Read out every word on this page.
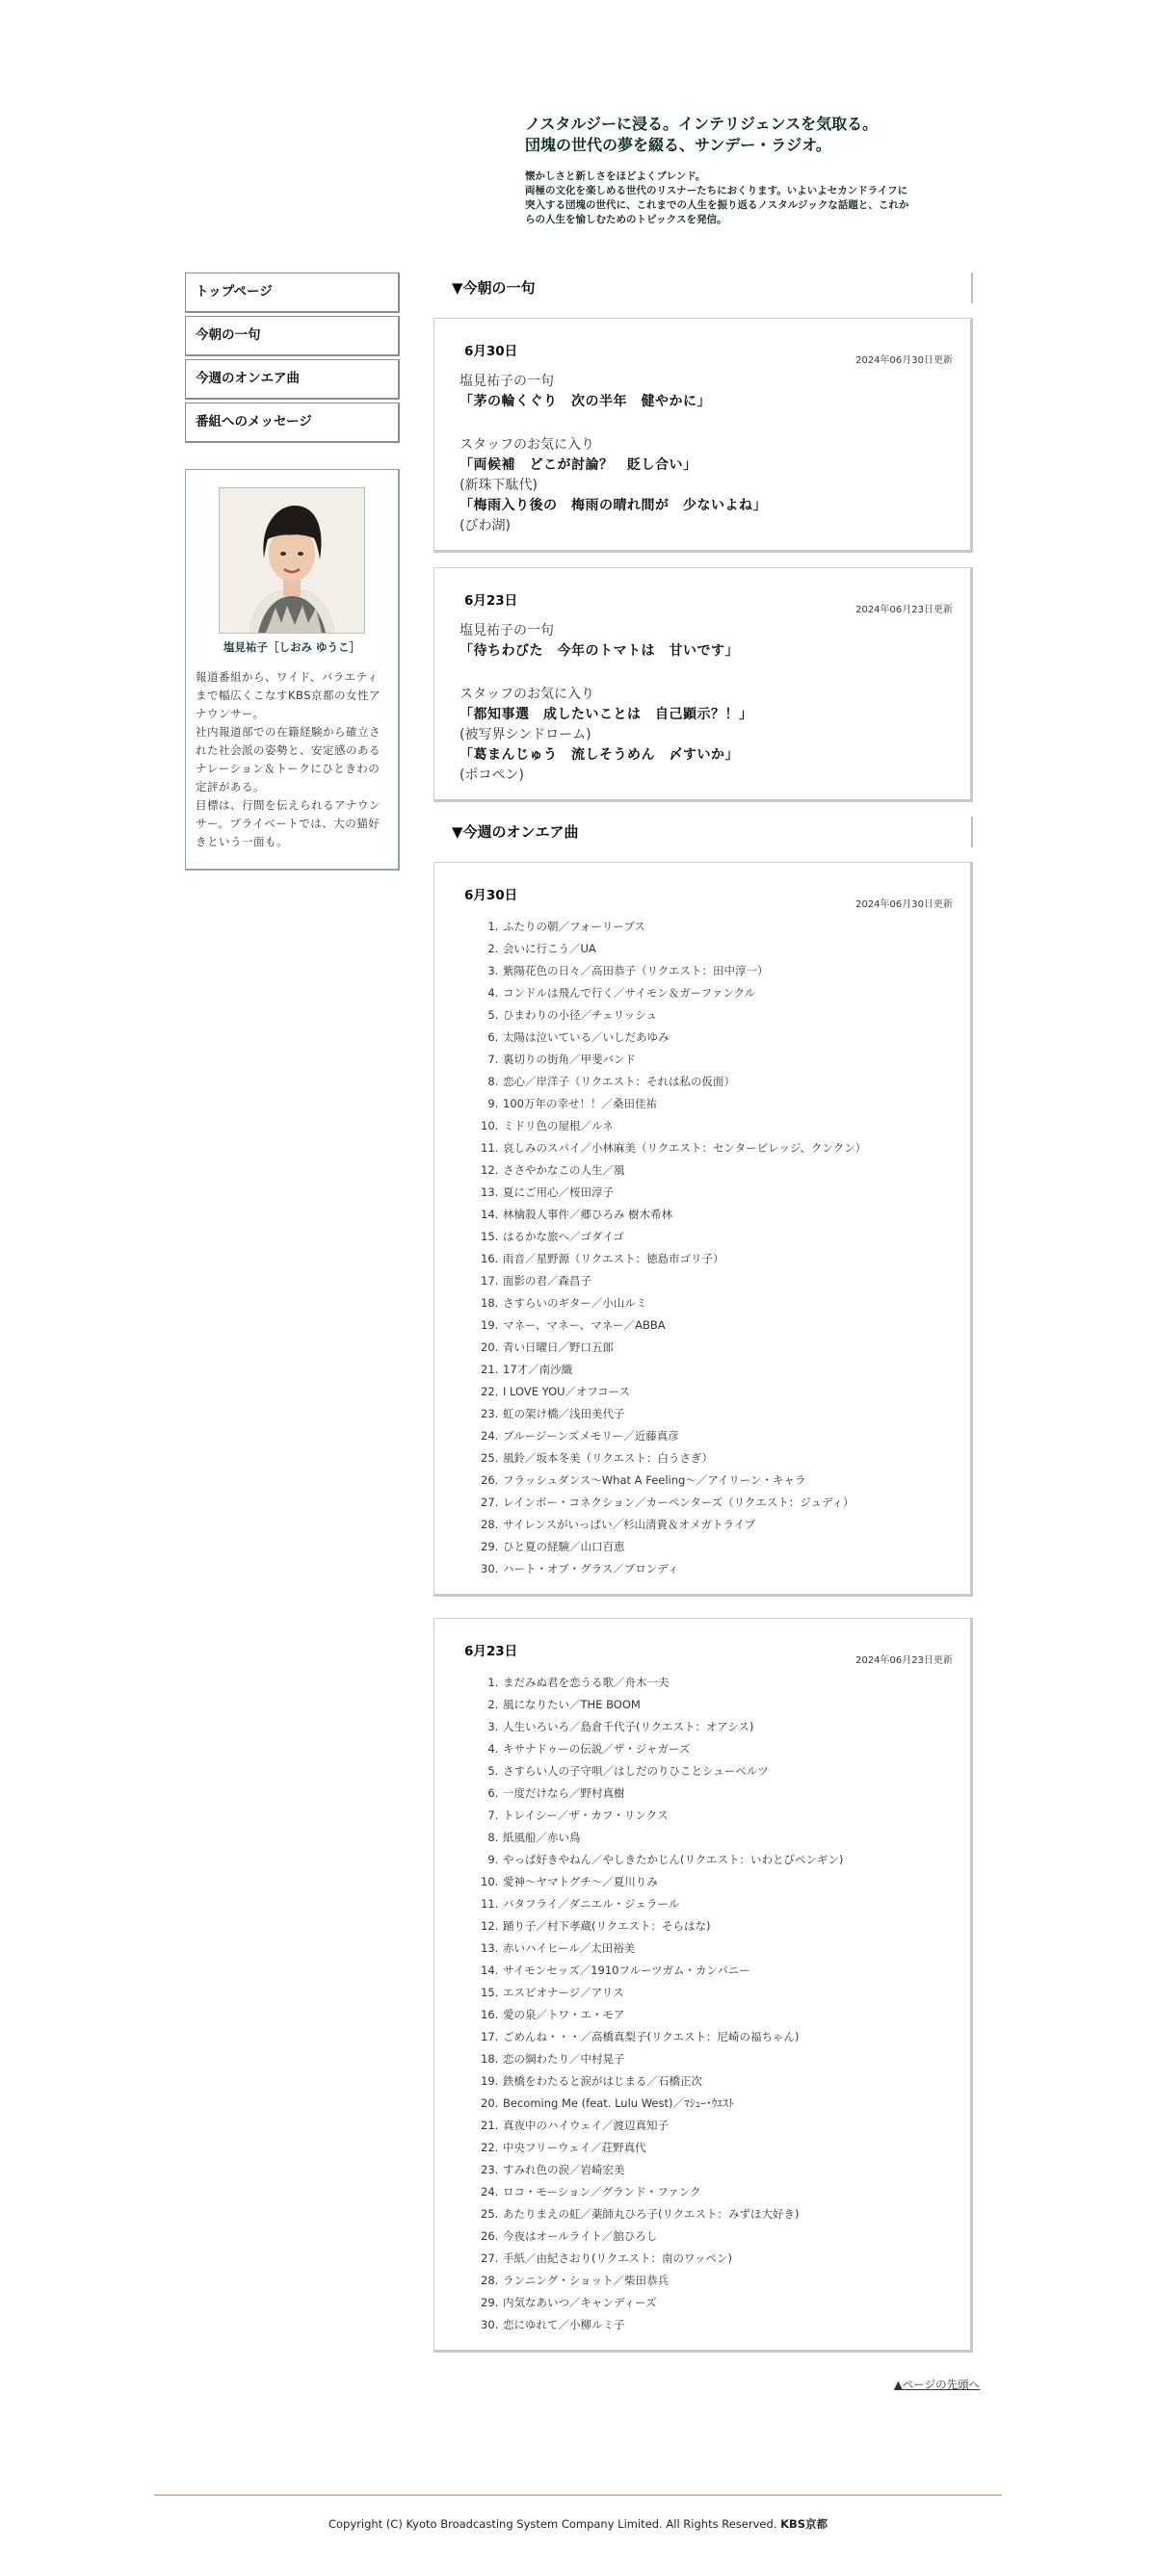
ノスタルジーに浸る。インテリジェンスを気取る。
団塊の世代の夢を綴る、サンデー・ラジオ。
懐かしさと新しさをほどよくブレンド。
両極の文化を楽しめる世代のリスナーたちにおくります。いよいよセカンドライフに
突入する団塊の世代に、これまでの人生を振り返るノスタルジックな話題と、これか
らの人生を愉しむためのトピックスを発信。
トップページ
今朝の一句
今週のオンエア曲
番組へのメッセージ
塩見祐子［しおみ ゆうこ］
報道番組から、ワイド、バラエティまで幅広くこなすKBS京都の女性アナウンサー。
社内報道部での在籍経験から確立された社会派の姿勢と、安定感のあるナレーション＆トークにひときわの定評がある。
目標は、行間を伝えられるアナウンサー。プライベートでは、大の猫好きという一面も。
▼今朝の一句
6月30日
2024年06月30日更新
塩見祐子の一句
「茅の輪くぐり　次の半年　健やかに」
スタッフのお気に入り
「両候補　どこが討論？　貶し合い」
(新珠下駄代)
「梅雨入り後の　梅雨の晴れ間が　少ないよね」
(びわ湖)
6月23日
2024年06月23日更新
塩見祐子の一句
「待ちわびた　今年のトマトは　甘いです」
スタッフのお気に入り
「都知事選　成したいことは　自己顕示？！」
(被写界シンドローム)
「葛まんじゅう　流しそうめん　〆すいか」
(ポコペン)
▼今週のオンエア曲
6月30日
2024年06月30日更新
1. ふたりの朝／フォーリーブス
2. 会いに行こう／UA
3. 紫陽花色の日々／高田恭子（リクエスト：田中淳一）
4. コンドルは飛んで行く／サイモン＆ガーファンクル
5. ひまわりの小径／チェリッシュ
6. 太陽は泣いている／いしだあゆみ
7. 裏切りの街角／甲斐バンド
8. 恋心／岸洋子（リクエスト：それは私の仮面）
9. 100万年の幸せ！！／桑田佳祐
10. ミドリ色の屋根／ルネ
11. 哀しみのスパイ／小林麻美（リクエスト：センタービレッジ、クンクン）
12. ささやかなこの人生／風
13. 夏にご用心／桜田淳子
14. 林檎殺人事件／郷ひろみ 樹木希林
15. はるかな旅へ／ゴダイゴ
16. 雨音／星野源（リクエスト：徳島市ゴリ子）
17. 面影の君／森昌子
18. さすらいのギター／小山ルミ
19. マネー、マネー、マネー／ABBA
20. 青い日曜日／野口五郎
21. 17才／南沙織
22. I LOVE YOU／オフコース
23. 虹の架け橋／浅田美代子
24. ブルージーンズメモリー／近藤真彦
25. 風鈴／坂本冬美（リクエスト：白うさぎ）
26. フラッシュダンス〜What A Feeling〜／アイリーン・キャラ
27. レインボー・コネクション／カーペンターズ（リクエスト：ジュディ）
28. サイレンスがいっぱい／杉山清貴＆オメガトライブ
29. ひと夏の経験／山口百恵
30. ハート・オブ・グラス／ブロンディ
6月23日
2024年06月23日更新
1. まだみぬ君を恋うる歌／舟木一夫
2. 風になりたい／THE BOOM
3. 人生いろいろ／島倉千代子(リクエスト：オアシス)
4. キサナドゥーの伝説／ザ・ジャガーズ
5. さすらい人の子守唄／はしだのりひことシューベルツ
6. 一度だけなら／野村真樹
7. トレイシー／ザ・カフ・リンクス
8. 紙風船／赤い鳥
9. やっぱ好きやねん／やしきたかじん(リクエスト：いわとびペンギン)
10. 愛神〜ヤマトグチ〜／夏川りみ
11. バタフライ／ダニエル・ジェラール
12. 踊り子／村下孝蔵(リクエスト：そらはな)
13. 赤いハイヒール／太田裕美
14. サイモンセッズ／1910フルーツガム・カンパニー
15. エスピオナージ／アリス
16. 愛の泉／トワ・エ・モア
17. ごめんね・・・／高橋真梨子(リクエスト：尼崎の福ちゃん)
18. 恋の綱わたり／中村晃子
19. 鉄橋をわたると涙がはじまる／石橋正次
20. Becoming Me (feat. Lulu West)／ﾏｼｭｰ･ｳｴｽﾄ
21. 真夜中のハイウェイ／渡辺真知子
22. 中央フリーウェイ／荘野真代
23. すみれ色の涙／岩崎宏美
24. ロコ・モーション／グランド・ファンク
25. あたりまえの虹／薬師丸ひろ子(リクエスト：みずほ大好き)
26. 今夜はオールライト／舘ひろし
27. 手紙／由紀さおり(リクエスト：南のワッペン)
28. ランニング・ショット／柴田恭兵
29. 内気なあいつ／キャンディーズ
30. 恋にゆれて／小柳ルミ子
▲ページの先頭へ
Copyright (C) Kyoto Broadcasting System Company Limited. All Rights Reserved. KBS京都
